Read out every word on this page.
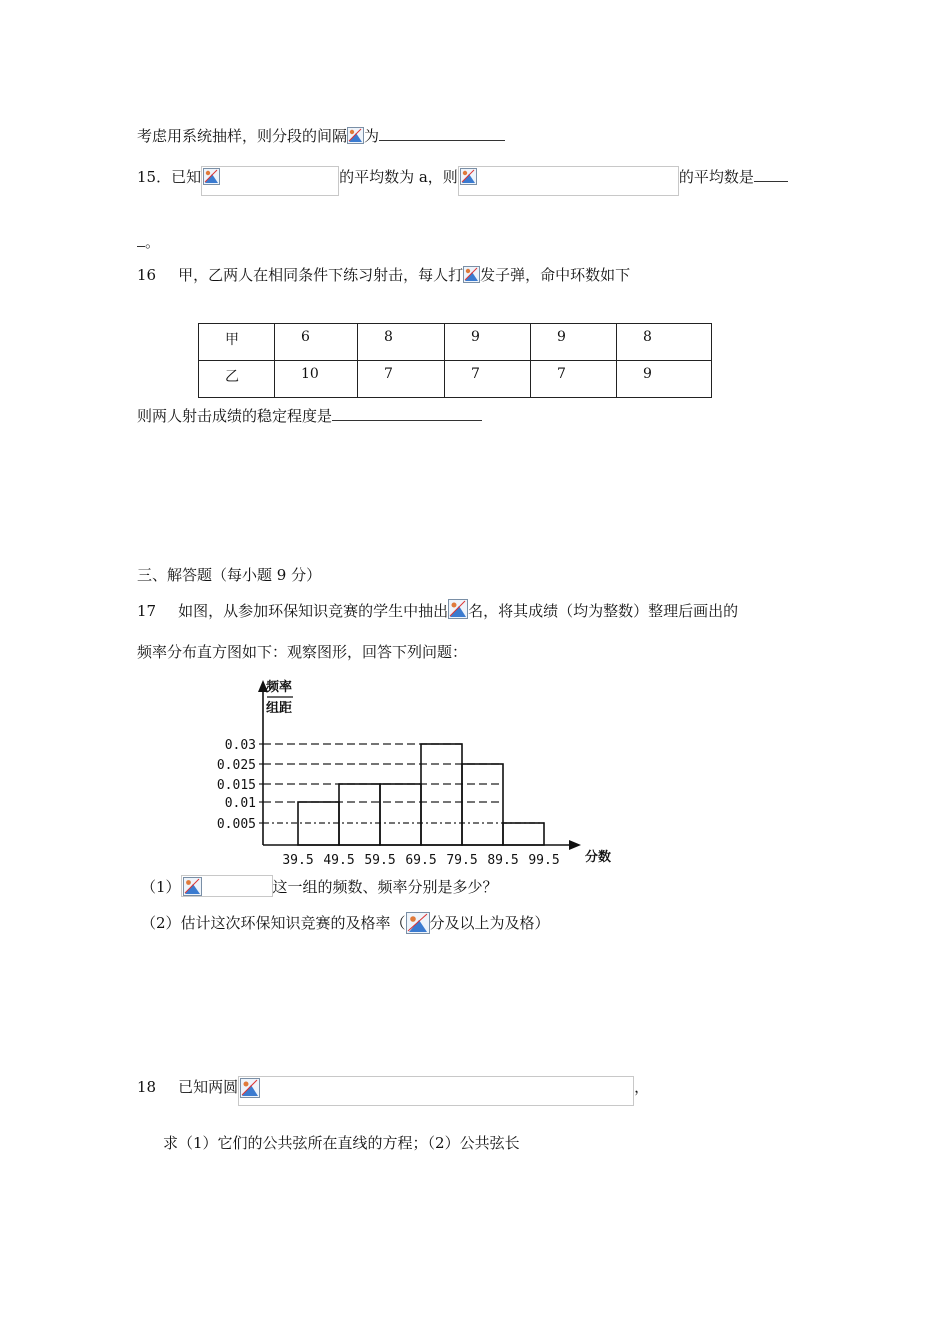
考虑用系统抽样，则分段的间隔 为
15．已知	的平均数为 a，则	的平均数是
。
16 甲，乙两人在相同条件下练习射击，每人打 发子弹，命中环数如下
甲	6	8	9	9	8
乙	10	7	7	7	9
则两人射击成绩的稳定程度是
三、解答题（每小题 9 分）
17 如图，从参加环保知识竞赛的学生中抽出 名，将其成绩（均为整数）整理后画出的
频率分布直方图如下：观察图形，回答下列问题：
0.03
0.025
0.015
0.01
0.005
39.5 49.5 59.5 69.5 79.5 89.5 99.5 分数
频率
组距
（1）	这一组的频数、频率分别是多少？
（2）估计这次环保知识竞赛的及格率（ 分及以上为及格）
18 已知两圆	，
求（1）它们的公共弦所在直线的方程；（2）公共弦长
